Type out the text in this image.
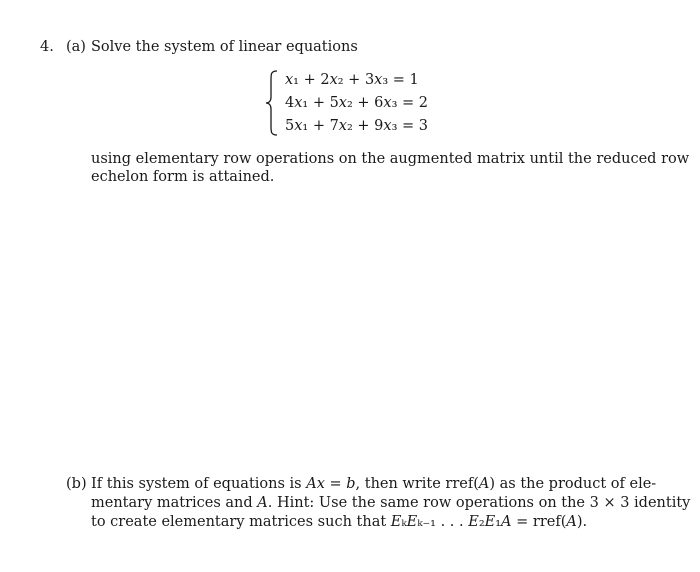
4. (a) Solve the system of linear equations
𝑥₁ + 2𝑥₂ + 3𝑥₃ = 1
4𝑥₁ + 5𝑥₂ + 6𝑥₃ = 2
5𝑥₁ + 7𝑥₂ + 9𝑥₃ = 3
using elementary row operations on the augmented matrix until the reduced row
echelon form is attained.
(b) If this system of equations is 𝐴𝑥 = 𝑏, then write rref(𝐴) as the product of ele-
mentary matrices and 𝐴. Hint: Use the same row operations on the 3 × 3 identity
to create elementary matrices such that 𝐸ₖ𝐸ₖ₋₁ . . . 𝐸₂𝐸₁𝐴 = rref(𝐴).
